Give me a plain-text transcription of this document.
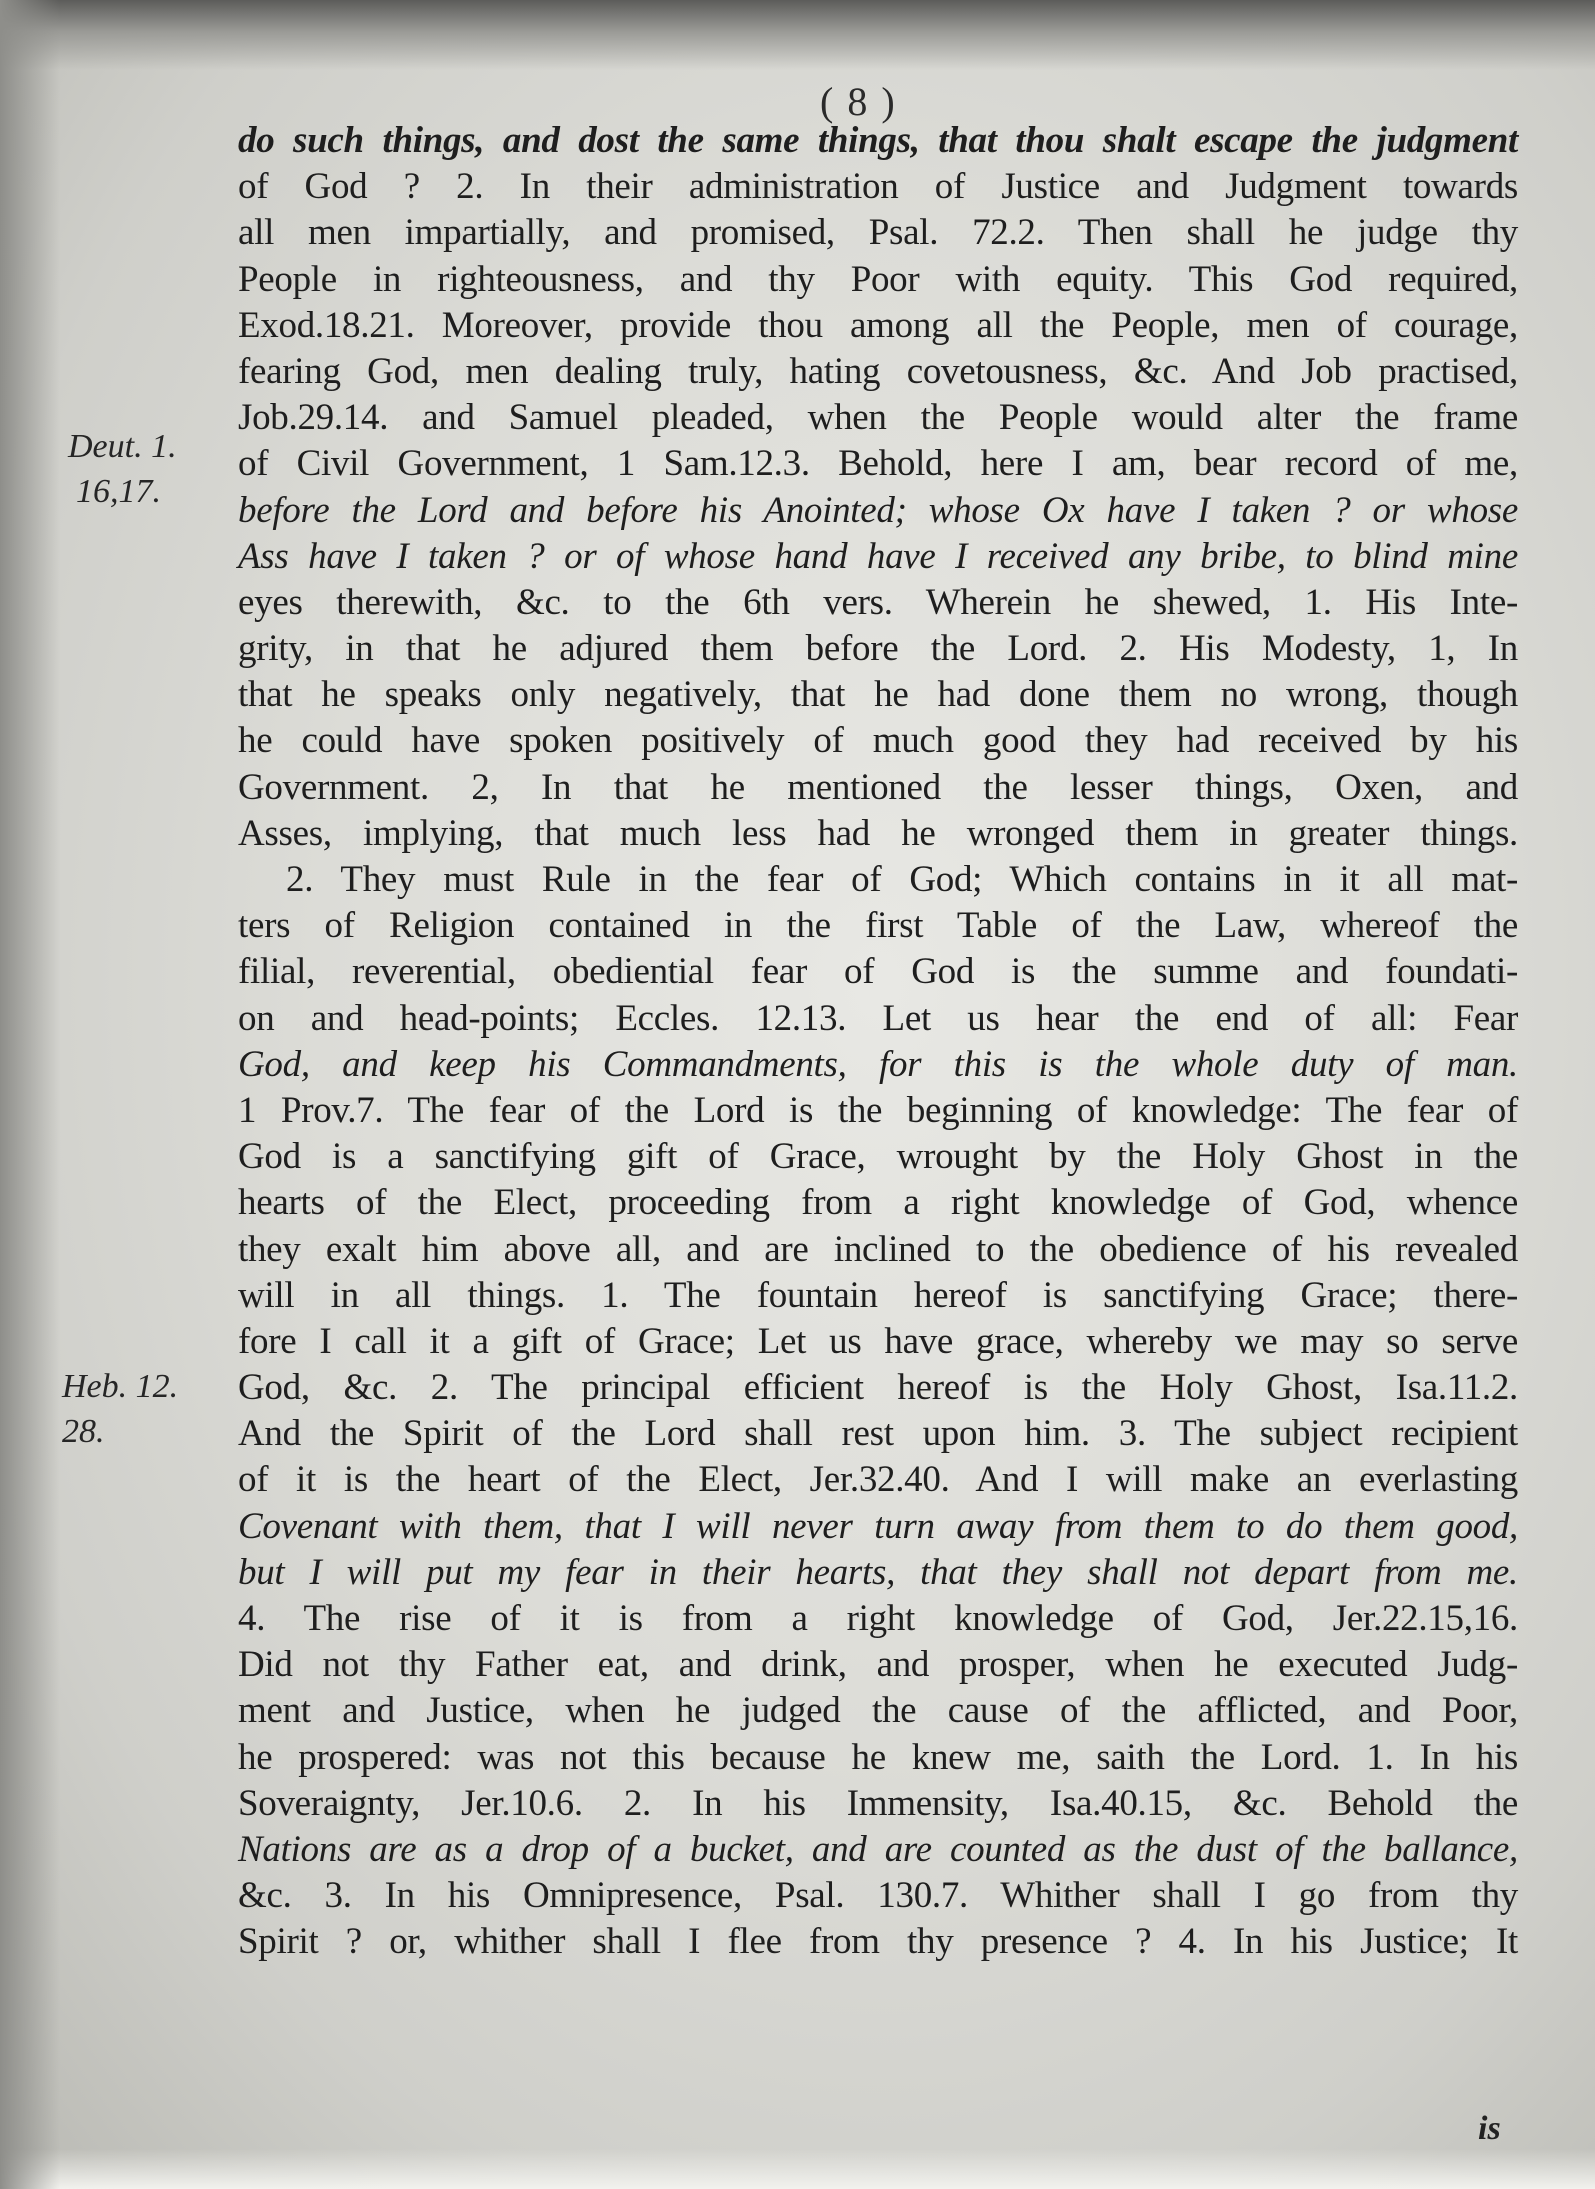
( 8 )
Deut. 1.
16,17.
Heb. 12.
28.
do such things, and dost the same things, that thou shalt escape the judgment
of God ? 2. In their administration of Justice and Judgment towards
all men impartially, and promised, Psal. 72.2. Then shall he judge thy
People in righteousness, and thy Poor with equity. This God required,
Exod.18.21. Moreover, provide thou among all the People, men of courage,
fearing God, men dealing truly, hating covetousness, &c. And Job practised,
Job.29.14. and Samuel pleaded, when the People would alter the frame
of Civil Government, 1 Sam.12.3. Behold, here I am, bear record of me,
before the Lord and before his Anointed; whose Ox have I taken ? or whose
Ass have I taken ? or of whose hand have I received any bribe, to blind mine
eyes therewith, &c. to the 6th vers. Wherein he shewed, 1. His Inte-
grity, in that he adjured them before the Lord. 2. His Modesty, 1, In
that he speaks only negatively, that he had done them no wrong, though
he could have spoken positively of much good they had received by his
Government. 2, In that he mentioned the lesser things, Oxen, and
Asses, implying, that much less had he wronged them in greater things.
2. They must Rule in the fear of God; Which contains in it all mat-
ters of Religion contained in the first Table of the Law, whereof the
filial, reverential, obediential fear of God is the summe and foundati-
on and head-points; Eccles. 12.13. Let us hear the end of all: Fear
God, and keep his Commandments, for this is the whole duty of man.
1 Prov.7. The fear of the Lord is the beginning of knowledge: The fear of
God is a sanctifying gift of Grace, wrought by the Holy Ghost in the
hearts of the Elect, proceeding from a right knowledge of God, whence
they exalt him above all, and are inclined to the obedience of his revealed
will in all things. 1. The fountain hereof is sanctifying Grace; there-
fore I call it a gift of Grace; Let us have grace, whereby we may so serve
God, &c. 2. The principal efficient hereof is the Holy Ghost, Isa.11.2.
And the Spirit of the Lord shall rest upon him. 3. The subject recipient
of it is the heart of the Elect, Jer.32.40. And I will make an everlasting
Covenant with them, that I will never turn away from them to do them good,
but I will put my fear in their hearts, that they shall not depart from me.
4. The rise of it is from a right knowledge of God, Jer.22.15,16.
Did not thy Father eat, and drink, and prosper, when he executed Judg-
ment and Justice, when he judged the cause of the afflicted, and Poor,
he prospered: was not this because he knew me, saith the Lord. 1. In his
Soveraignty, Jer.10.6. 2. In his Immensity, Isa.40.15, &c. Behold the
Nations are as a drop of a bucket, and are counted as the dust of the ballance,
&c. 3. In his Omnipresence, Psal. 130.7. Whither shall I go from thy
Spirit ? or, whither shall I flee from thy presence ? 4. In his Justice; It
is
